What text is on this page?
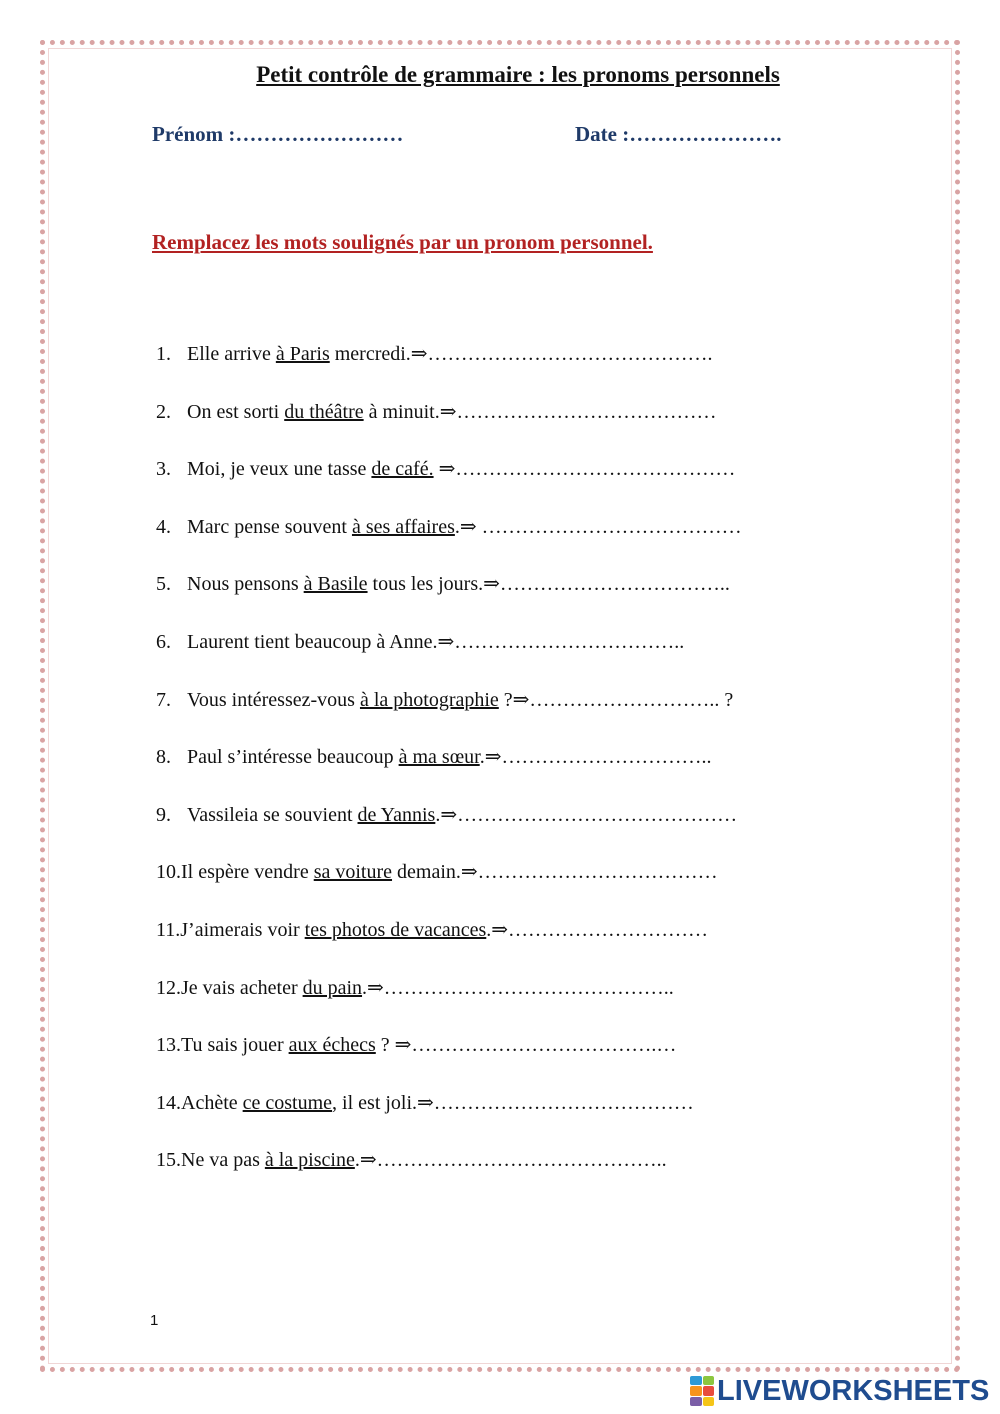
Petit contrôle de grammaire : les pronoms personnels
Prénom :……………………	Date :………………….
Remplacez les mots soulignés par un pronom personnel.
1. Elle arrive à Paris mercredi.⇒…………………………………….
2. On est sorti du théâtre à minuit.⇒…………………………………
3. Moi, je veux une tasse de café. ⇒……………………………………
4. Marc pense souvent à ses affaires.⇒ …………………………………
5. Nous pensons à Basile tous les jours.⇒……………………………..
6. Laurent tient beaucoup à Anne.⇒……………………………..
7. Vous intéressez-vous à la photographie ?⇒……………………….. ?
8. Paul s’intéresse beaucoup à ma sœur.⇒…………………………..
9. Vassileia se souvient de Yannis.⇒……………………………………
10.Il espère vendre sa voiture demain.⇒………………………………
11.J’aimerais voir tes photos de vacances.⇒…………………………
12.Je vais acheter du pain.⇒……………………………………..
13.Tu sais jouer aux échecs ? ⇒……………………………….…
14.Achète ce costume, il est joli.⇒…………………………………
15.Ne va pas à la piscine.⇒……………………………………..
1
LIVEWORKSHEETS
